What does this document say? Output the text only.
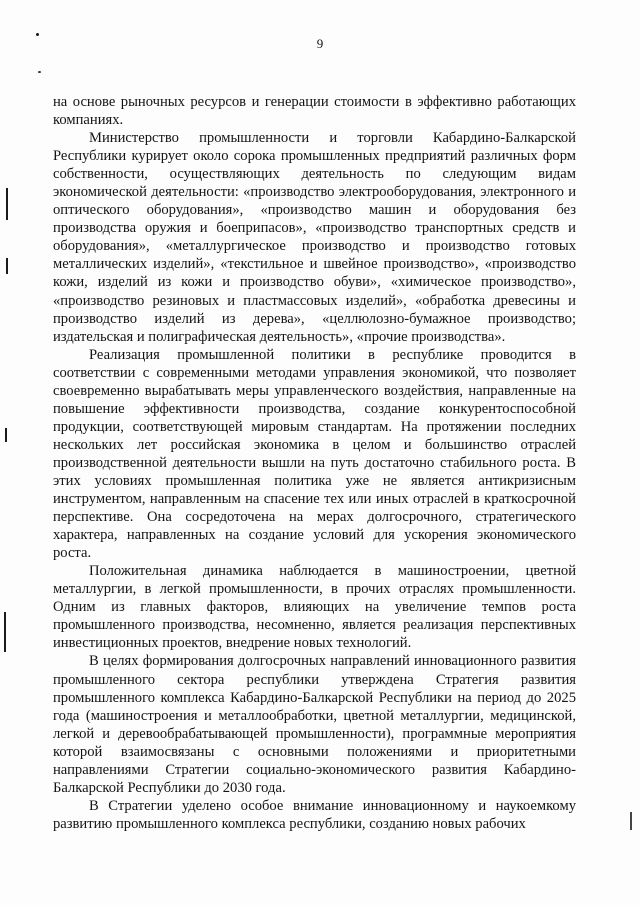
9

на основе рыночных ресурсов и генерации стоимости в эффективно работающих компаниях.

Министерство промышленности и торговли Кабардино-Балкарской Республики курирует около сорока промышленных предприятий различных форм собственности, осуществляющих деятельность по следующим видам экономической деятельности: «производство электрооборудования, электронного и оптического оборудования», «производство машин и оборудования без производства оружия и боеприпасов», «производство транспортных средств и оборудования», «металлургическое производство и производство готовых металлических изделий», «текстильное и швейное производство», «производство кожи, изделий из кожи и производство обуви», «химическое производство», «производство резиновых и пластмассовых изделий», «обработка древесины и производство изделий из дерева», «целлюлозно-бумажное производство; издательская и полиграфическая деятельность», «прочие производства».

Реализация промышленной политики в республике проводится в соответствии с современными методами управления экономикой, что позволяет своевременно вырабатывать меры управленческого воздействия, направленные на повышение эффективности производства, создание конкурентоспособной продукции, соответствующей мировым стандартам. На протяжении последних нескольких лет российская экономика в целом и большинство отраслей производственной деятельности вышли на путь достаточно стабильного роста. В этих условиях промышленная политика уже не является антикризисным инструментом, направленным на спасение тех или иных отраслей в краткосрочной перспективе. Она сосредоточена на мерах долгосрочного, стратегического характера, направленных на создание условий для ускорения экономического роста.

Положительная динамика наблюдается в машиностроении, цветной металлургии, в легкой промышленности, в прочих отраслях промышленности. Одним из главных факторов, влияющих на увеличение темпов роста промышленного производства, несомненно, является реализация перспективных инвестиционных проектов, внедрение новых технологий.

В целях формирования долгосрочных направлений инновационного развития промышленного сектора республики утверждена Стратегия развития промышленного комплекса Кабардино-Балкарской Республики на период до 2025 года (машиностроения и металлообработки, цветной металлургии, медицинской, легкой и деревообрабатывающей промышленности), программные мероприятия которой взаимосвязаны с основными положениями и приоритетными направлениями Стратегии социально-экономического развития Кабардино-Балкарской Республики до 2030 года.

В Стратегии уделено особое внимание инновационному и наукоемкому развитию промышленного комплекса республики, созданию новых рабочих
